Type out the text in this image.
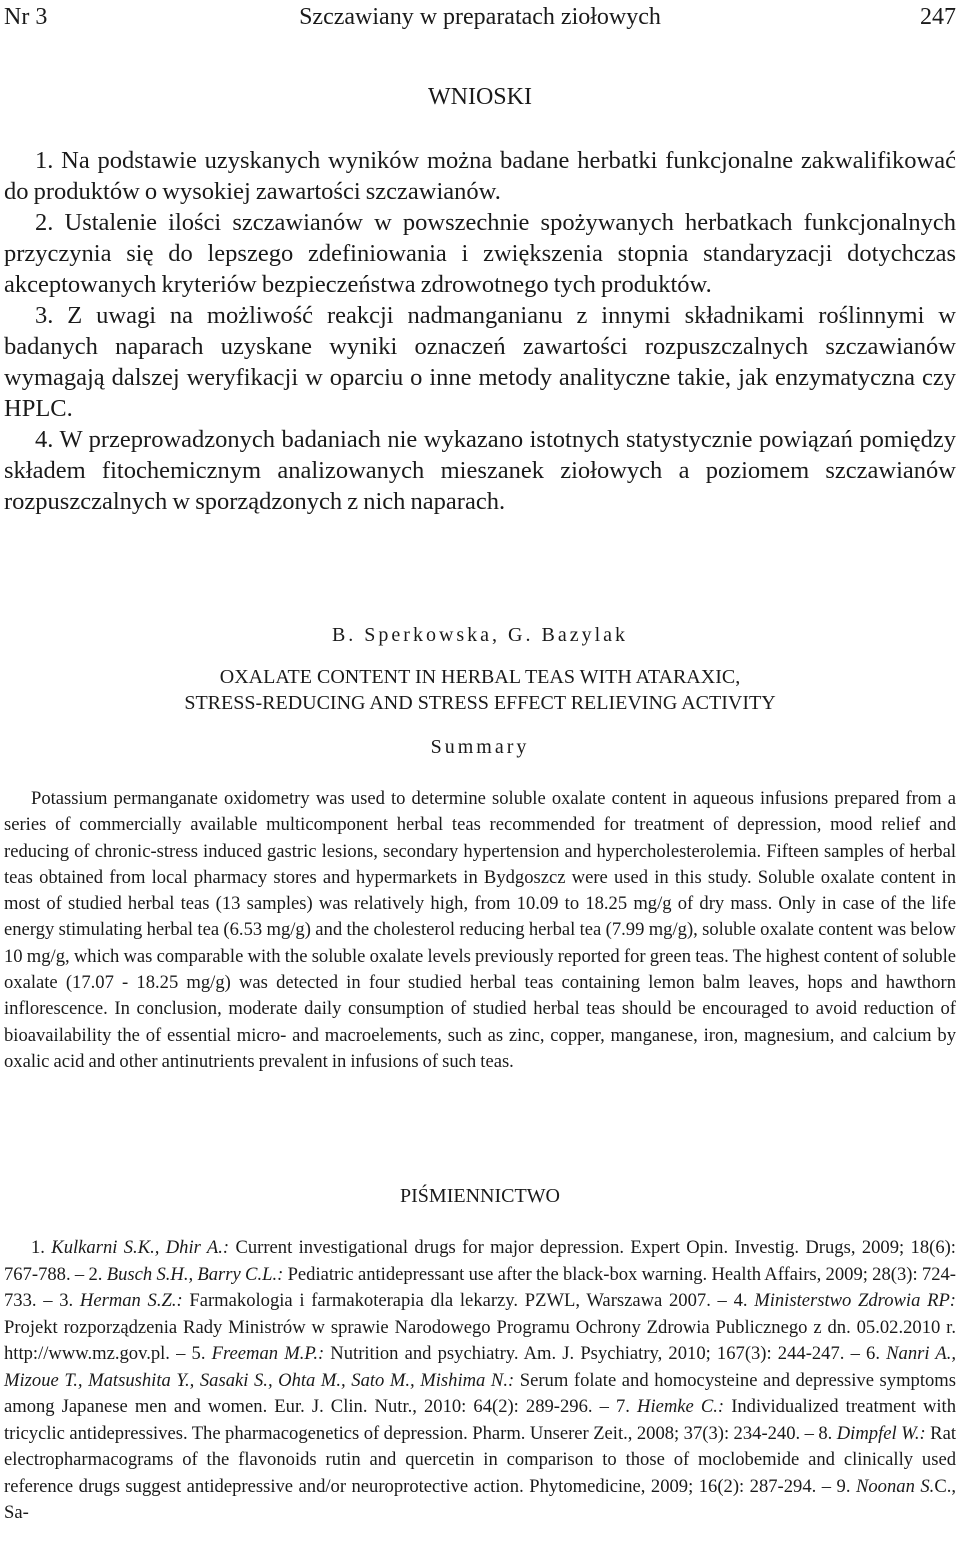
Nr 3	Szczawiany w preparatach ziołowych	247
WNIOSKI

1. Na podstawie uzyskanych wyników można badane herbatki funkcjonalne zakwalifikować do produktów o wysokiej zawartości szczawianów.

2. Ustalenie ilości szczawianów w powszechnie spożywanych herbatkach funkcjonalnych przyczynia się do lepszego zdefiniowania i zwiększenia stopnia standaryzacji dotychczas akceptowanych kryteriów bezpieczeństwa zdrowotnego tych produktów.

3. Z uwagi na możliwość reakcji nadmanganianu z innymi składnikami roślinnymi w badanych naparach uzyskane wyniki oznaczeń zawartości rozpuszczalnych szczawianów wymagają dalszej weryfikacji w oparciu o inne metody analityczne takie, jak enzymatyczna czy HPLC.

4. W przeprowadzonych badaniach nie wykazano istotnych statystycznie powiązań pomiędzy składem fitochemicznym analizowanych mieszanek ziołowych a poziomem szczawianów rozpuszczalnych w sporządzonych z nich naparach.

B. Sperkowska, G. Bazylak
OXALATE CONTENT IN HERBAL TEAS WITH ATARAXIC,
STRESS-REDUCING AND STRESS EFFECT RELIEVING ACTIVITY
Summary

Potassium permanganate oxidometry was used to determine soluble oxalate content in aqueous infusions prepared from a series of commercially available multicomponent herbal teas recommended for treatment of depression, mood relief and reducing of chronic-stress induced gastric lesions, secondary hypertension and hypercholesterolemia. Fifteen samples of herbal teas obtained from local pharmacy stores and hypermarkets in Bydgoszcz were used in this study. Soluble oxalate content in most of studied herbal teas (13 samples) was relatively high, from 10.09 to 18.25 mg/g of dry mass. Only in case of the life energy stimulating herbal tea (6.53 mg/g) and the cholesterol reducing herbal tea (7.99 mg/g), soluble oxalate content was below 10 mg/g, which was comparable with the soluble oxalate levels previously reported for green teas. The highest content of soluble oxalate (17.07 - 18.25 mg/g) was detected in four studied herbal teas containing lemon balm leaves, hops and hawthorn inflorescence. In conclusion, moderate daily consumption of studied herbal teas should be encouraged to avoid reduction of bioavailability the of essential micro- and macroelements, such as zinc, copper, manganese, iron, magnesium, and calcium by oxalic acid and other antinutrients prevalent in infusions of such teas.

PIŚMIENNICTWO

1. Kulkarni S.K., Dhir A.: Current investigational drugs for major depression. Expert Opin. Investig. Drugs, 2009; 18(6): 767-788. – 2. Busch S.H., Barry C.L.: Pediatric antidepressant use after the black-box warning. Health Affairs, 2009; 28(3): 724-733. – 3. Herman S.Z.: Farmakologia i farmakoterapia dla lekarzy. PZWL, Warszawa 2007. – 4. Ministerstwo Zdrowia RP: Projekt rozporządzenia Rady Ministrów w sprawie Narodowego Programu Ochrony Zdrowia Publicznego z dn. 05.02.2010 r. http://www.mz.gov.pl. – 5. Freeman M.P.: Nutrition and psychiatry. Am. J. Psychiatry, 2010; 167(3): 244-247. – 6. Nanri A., Mizoue T., Matsushita Y., Sasaki S., Ohta M., Sato M., Mishima N.: Serum folate and homocysteine and depressive symptoms among Japanese men and women. Eur. J. Clin. Nutr., 2010: 64(2): 289-296. – 7. Hiemke C.: Individualized treatment with tricyclic antidepressives. The pharmacogenetics of depression. Pharm. Unserer Zeit., 2008; 37(3): 234-240. – 8. Dimpfel W.: Rat electropharmacograms of the flavonoids rutin and quercetin in comparison to those of moclobemide and clinically used reference drugs suggest antidepressive and/or neuroprotective action. Phytomedicine, 2009; 16(2): 287-294. – 9. Noonan S.C., Sa-
